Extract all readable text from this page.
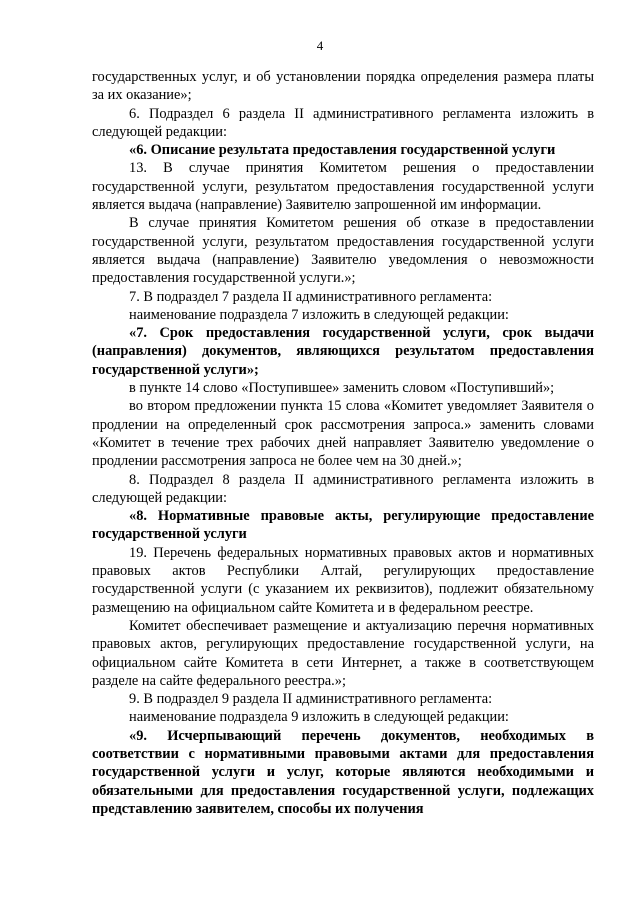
4

государственных услуг, и об установлении порядка определения размера платы за их оказание»;

6. Подраздел 6 раздела II административного регламента изложить в следующей редакции:

«6. Описание результата предоставления государственной услуги

13. В случае принятия Комитетом решения о предоставлении государственной услуги, результатом предоставления государственной услуги является выдача (направление) Заявителю запрошенной им информации.

В случае принятия Комитетом решения об отказе в предоставлении государственной услуги, результатом предоставления государственной услуги является выдача (направление) Заявителю уведомления о невозможности предоставления государственной услуги.»;

7. В подраздел 7 раздела II административного регламента:

наименование подраздела 7 изложить в следующей редакции:

«7. Срок предоставления государственной услуги, срок выдачи (направления) документов, являющихся результатом предоставления государственной услуги»;

в пункте 14 слово «Поступившее» заменить словом «Поступивший»;

во втором предложении пункта 15 слова «Комитет уведомляет Заявителя о продлении на определенный срок рассмотрения запроса.» заменить словами «Комитет в течение трех рабочих дней направляет Заявителю уведомление о продлении рассмотрения запроса не более чем на 30 дней.»;

8. Подраздел 8 раздела II административного регламента изложить в следующей редакции:

«8. Нормативные правовые акты, регулирующие предоставление государственной услуги

19. Перечень федеральных нормативных правовых актов и нормативных правовых актов Республики Алтай, регулирующих предоставление государственной услуги (с указанием их реквизитов), подлежит обязательному размещению на официальном сайте Комитета и в федеральном реестре.

Комитет обеспечивает размещение и актуализацию перечня нормативных правовых актов, регулирующих предоставление государственной услуги, на официальном сайте Комитета в сети Интернет, а также в соответствующем разделе на сайте федерального реестра.»;

9. В подраздел 9 раздела II административного регламента:

наименование подраздела 9 изложить в следующей редакции:

«9. Исчерпывающий перечень документов, необходимых в соответствии с нормативными правовыми актами для предоставления государственной услуги и услуг, которые являются необходимыми и обязательными для предоставления государственной услуги, подлежащих представлению заявителем, способы их получения
